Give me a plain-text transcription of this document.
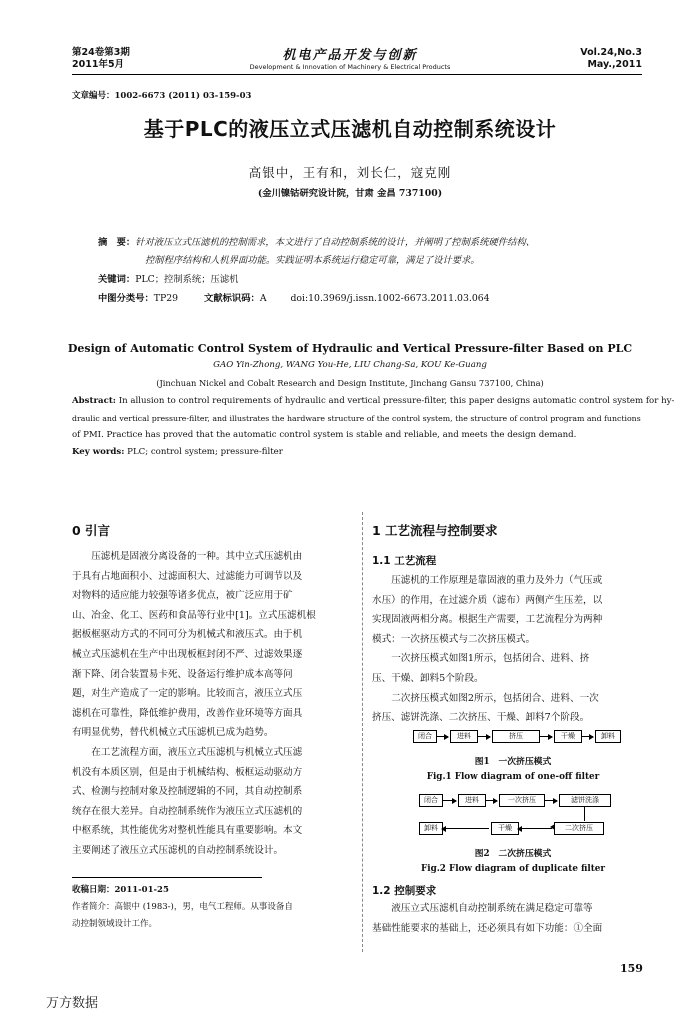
第24卷第3期
2011年5月
机电产品开发与创新
Development & Innovation of Machinery & Electrical Products
Vol.24,No.3
May.,2011
文章编号：1002-6673 (2011) 03-159-03
基于PLC的液压立式压滤机自动控制系统设计
高银中，王有和，刘长仁，寇克刚
(金川镍钴研究设计院，甘肃 金昌 737100)
摘　要：针对液压立式压滤机的控制需求，本文进行了自动控制系统的设计，并阐明了控制系统硬件结构、
控制程序结构和人机界面功能。实践证明本系统运行稳定可靠，满足了设计要求。
关键词：PLC；控制系统；压滤机
中图分类号：TP29	文献标识码：A	doi:10.3969/j.issn.1002-6673.2011.03.064
Design of Automatic Control System of Hydraulic and Vertical Pressure-filter Based on PLC
GAO Yin-Zhong, WANG You-He, LIU Chang-Sa, KOU Ke-Guang
(Jinchuan Nickel and Cobalt Research and Design Institute, Jinchang Gansu 737100, China)
Abstract: In allusion to control requirements of hydraulic and vertical pressure-filter, this paper designs automatic control system for hy-
draulic and vertical pressure-filter, and illustrates the hardware structure of the control system, the structure of control program and functions
of PMI. Practice has proved that the automatic control system is stable and reliable, and meets the design demand.
Key words: PLC; control system; pressure-filter
0 引言
压滤机是固液分离设备的一种。其中立式压滤机由
于具有占地面积小、过滤面积大、过滤能力可调节以及
对物料的适应能力较强等诸多优点，被广泛应用于矿
山、冶金、化工、医药和食品等行业中[1]。立式压滤机根
据板框驱动方式的不同可分为机械式和液压式。由于机
械立式压滤机在生产中出现板框封闭不严、过滤效果逐
渐下降、闭合装置易卡死、设备运行维护成本高等问
题，对生产造成了一定的影响。比较而言，液压立式压
滤机在可靠性，降低维护费用，改善作业环境等方面具
有明显优势，替代机械立式压滤机已成为趋势。
在工艺流程方面，液压立式压滤机与机械立式压滤
机没有本质区别，但是由于机械结构、板框运动驱动方
式、检测与控制对象及控制逻辑的不同，其自动控制系
统存在很大差异。自动控制系统作为液压立式压滤机的
中枢系统，其性能优劣对整机性能具有重要影响。本文
主要阐述了液压立式压滤机的自动控制系统设计。
收稿日期：2011-01-25
作者简介：高银中 (1983-)，男，电气工程师。从事设备自
动控制领域设计工作。
1 工艺流程与控制要求
1.1 工艺流程
压滤机的工作原理是靠固液的重力及外力（气压或
水压）的作用，在过滤介质（滤布）两侧产生压差，以
实现固液两相分离。根据生产需要，工艺流程分为两种
模式：一次挤压模式与二次挤压模式。
一次挤压模式如图1所示，包括闭合、进料、挤
压、干燥、卸料5个阶段。
二次挤压模式如图2所示，包括闭合、进料、一次
挤压、滤饼洗涤、二次挤压、干燥、卸料7个阶段。
闭合	进料	挤压	干燥	卸料
图1　一次挤压模式
Fig.1 Flow diagram of one-off filter
闭合	进料	一次挤压	滤饼洗涤
卸料	干燥	二次挤压
图2　二次挤压模式
Fig.2 Flow diagram of duplicate filter
1.2 控制要求
液压立式压滤机自动控制系统在满足稳定可靠等
基础性能要求的基础上，还必须具有如下功能：①全面
159
万方数据
